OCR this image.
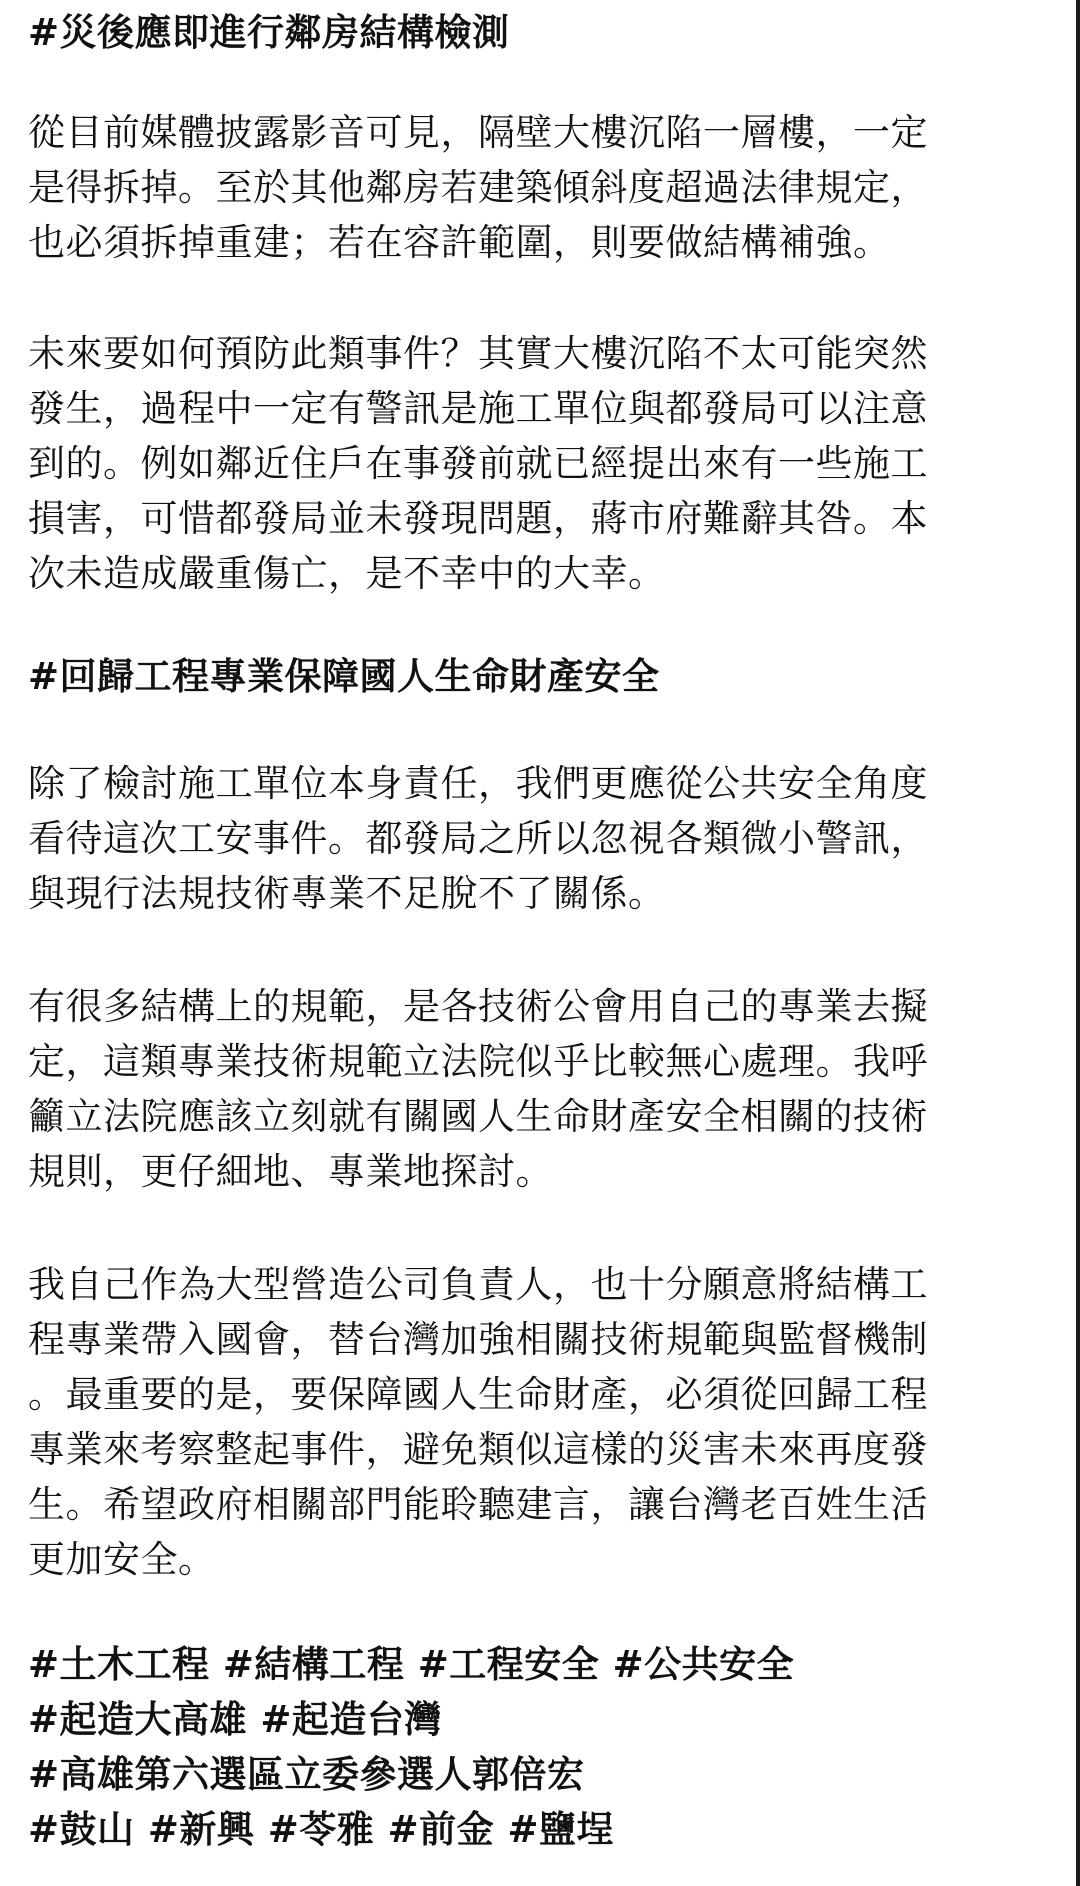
#災後應即進行鄰房結構檢測

從目前媒體披露影音可見，隔壁大樓沉陷一層樓，一定
是得拆掉。至於其他鄰房若建築傾斜度超過法律規定，
也必須拆掉重建；若在容許範圍，則要做結構補強。

未來要如何預防此類事件？其實大樓沉陷不太可能突然
發生，過程中一定有警訊是施工單位與都發局可以注意
到的。例如鄰近住戶在事發前就已經提出來有一些施工
損害，可惜都發局並未發現問題，蔣市府難辭其咎。本
次未造成嚴重傷亡，是不幸中的大幸。

#回歸工程專業保障國人生命財產安全

除了檢討施工單位本身責任，我們更應從公共安全角度
看待這次工安事件。都發局之所以忽視各類微小警訊，
與現行法規技術專業不足脫不了關係。

有很多結構上的規範，是各技術公會用自己的專業去擬
定，這類專業技術規範立法院似乎比較無心處理。我呼
籲立法院應該立刻就有關國人生命財產安全相關的技術
規則，更仔細地、專業地探討。

我自己作為大型營造公司負責人，也十分願意將結構工
程專業帶入國會，替台灣加強相關技術規範與監督機制
。最重要的是，要保障國人生命財產，必須從回歸工程
專業來考察整起事件，避免類似這樣的災害未來再度發
生。希望政府相關部門能聆聽建言，讓台灣老百姓生活
更加安全。

#土木工程 #結構工程 #工程安全 #公共安全
#起造大高雄 #起造台灣
#高雄第六選區立委參選人郭倍宏
#鼓山 #新興 #苓雅 #前金 #鹽埕
